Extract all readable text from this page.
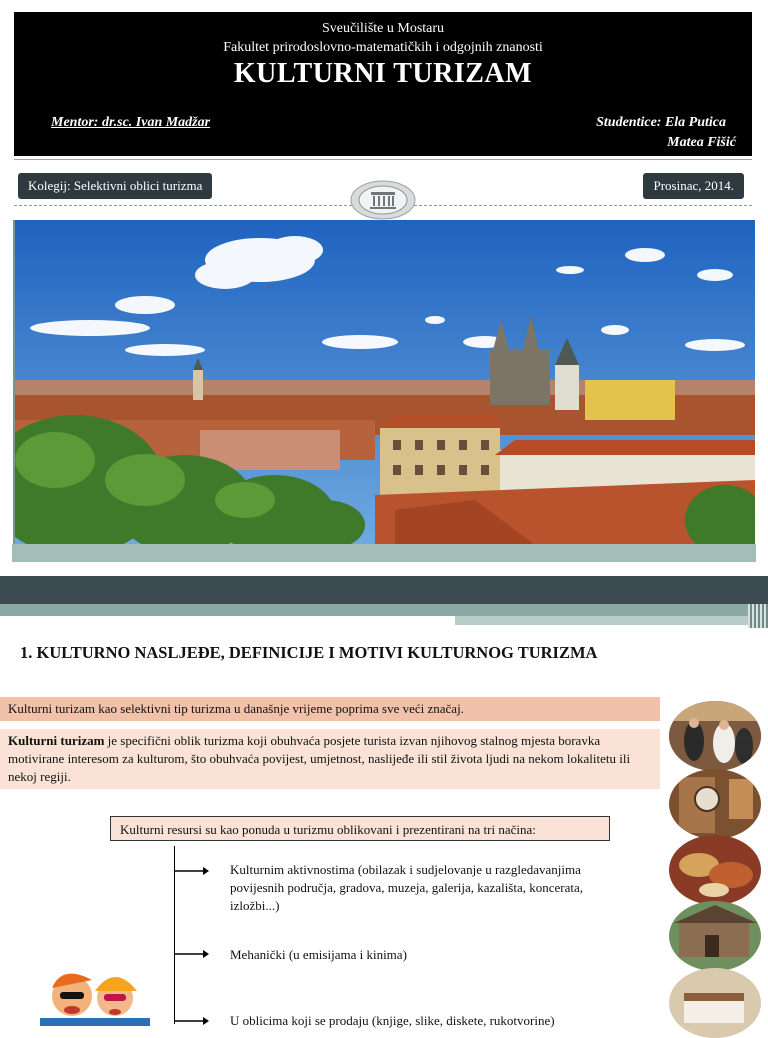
Sveučilište u Mostaru
Fakultet prirodoslovno-matematičkih i odgojnih znanosti
KULTURNI TURIZAM
Mentor: dr.sc. Ivan Madžar	Studentice: Ela Putica
Matea Fišić
Kolegij: Selektivni oblici turizma	Prosinac, 2014.
1. KULTURNO NASLJEĐE, DEFINICIJE I MOTIVI KULTURNOG TURIZMA
Kulturni turizam kao selektivni tip turizma u današnje vrijeme poprima sve veći značaj.
Kulturni turizam je specifični oblik turizma koji obuhvaća posjete turista izvan njihovog stalnog mjesta boravka motivirane interesom za kulturom, što obuhvaća povijest, umjetnost, naslijeđe ili stil života ljudi na nekom lokalitetu ili nekoj regiji.
Kulturni resursi su kao ponuda u turizmu oblikovani i prezentirani na tri načina:
Kulturnim aktivnostima (obilazak i sudjelovanje u razgledavanjima povijesnih područja, gradova, muzeja, galerija, kazališta, koncerata, izložbi...)
Mehanički (u emisijama i kinima)
U oblicima koji se prodaju (knjige, slike, diskete, rukotvorine)
